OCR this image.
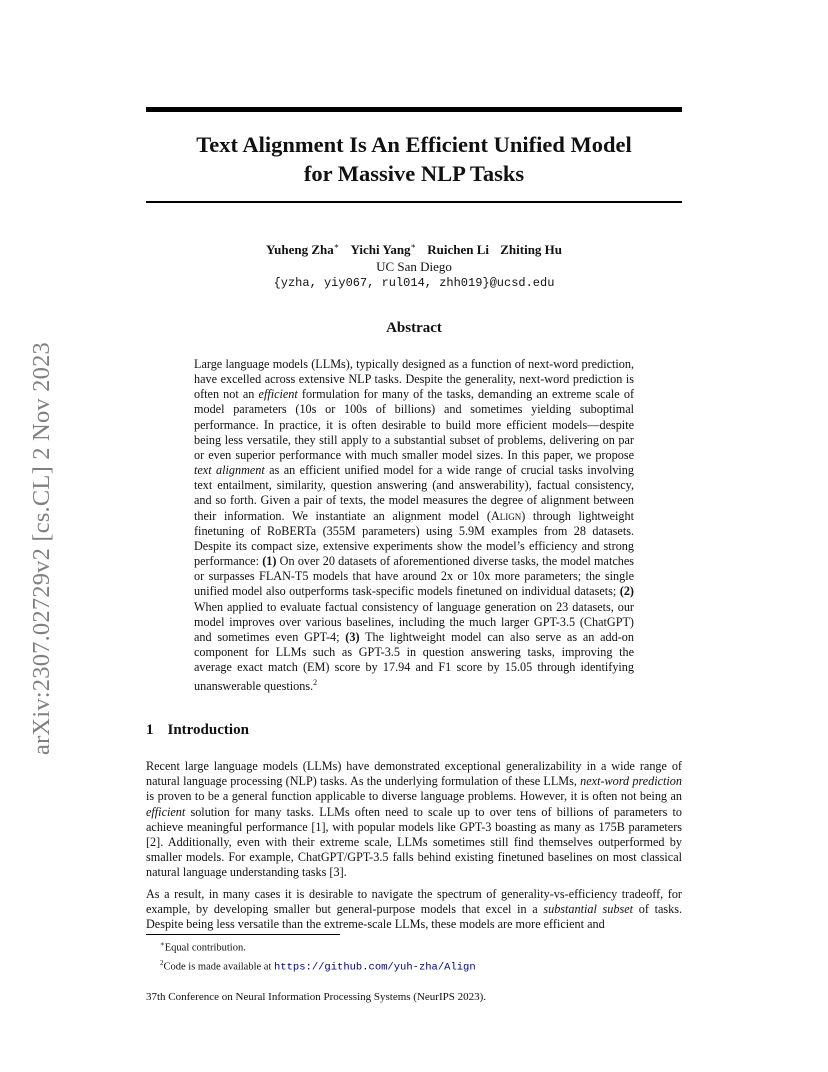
arXiv:2307.02729v2 [cs.CL] 2 Nov 2023
Text Alignment Is An Efficient Unified Model
for Massive NLP Tasks
Yuheng Zha∗ Yichi Yang∗ Ruichen Li Zhiting Hu
UC San Diego
{yzha, yiy067, rul014, zhh019}@ucsd.edu
Abstract

Large language models (LLMs), typically designed as a function of next-word prediction, have excelled across extensive NLP tasks. Despite the generality, next-word prediction is often not an efficient formulation for many of the tasks, demanding an extreme scale of model parameters (10s or 100s of billions) and sometimes yielding suboptimal performance. In practice, it is often desirable to build more efficient models—despite being less versatile, they still apply to a substantial subset of problems, delivering on par or even superior performance with much smaller model sizes. In this paper, we propose text alignment as an efficient unified model for a wide range of crucial tasks involving text entailment, similarity, question answering (and answerability), factual consistency, and so forth. Given a pair of texts, the model measures the degree of alignment between their information. We instantiate an alignment model (Align) through lightweight finetuning of RoBERTa (355M parameters) using 5.9M examples from 28 datasets. Despite its compact size, extensive experiments show the model’s efficiency and strong performance: (1) On over 20 datasets of aforementioned diverse tasks, the model matches or surpasses FLAN-T5 models that have around 2x or 10x more parameters; the single unified model also outperforms task-specific models finetuned on individual datasets; (2) When applied to evaluate factual consistency of language generation on 23 datasets, our model improves over various baselines, including the much larger GPT-3.5 (ChatGPT) and sometimes even GPT-4; (3) The lightweight model can also serve as an add-on component for LLMs such as GPT-3.5 in question answering tasks, improving the average exact match (EM) score by 17.94 and F1 score by 15.05 through identifying unanswerable questions.$^2$

1 Introduction

Recent large language models (LLMs) have demonstrated exceptional generalizability in a wide range of natural language processing (NLP) tasks. As the underlying formulation of these LLMs, next-word prediction is proven to be a general function applicable to diverse language problems. However, it is often not being an efficient solution for many tasks. LLMs often need to scale up to over tens of billions of parameters to achieve meaningful performance [1], with popular models like GPT-3 boasting as many as 175B parameters [2]. Additionally, even with their extreme scale, LLMs sometimes still find themselves outperformed by smaller models. For example, ChatGPT/GPT-3.5 falls behind existing finetuned baselines on most classical natural language understanding tasks [3].

As a result, in many cases it is desirable to navigate the spectrum of generality-vs-efficiency tradeoff, for example, by developing smaller but general-purpose models that excel in a substantial subset of tasks. Despite being less versatile than the extreme-scale LLMs, these models are more efficient and

∗Equal contribution.
$^2$Code is made available at https://github.com/yuh-zha/Align
37th Conference on Neural Information Processing Systems (NeurIPS 2023).
